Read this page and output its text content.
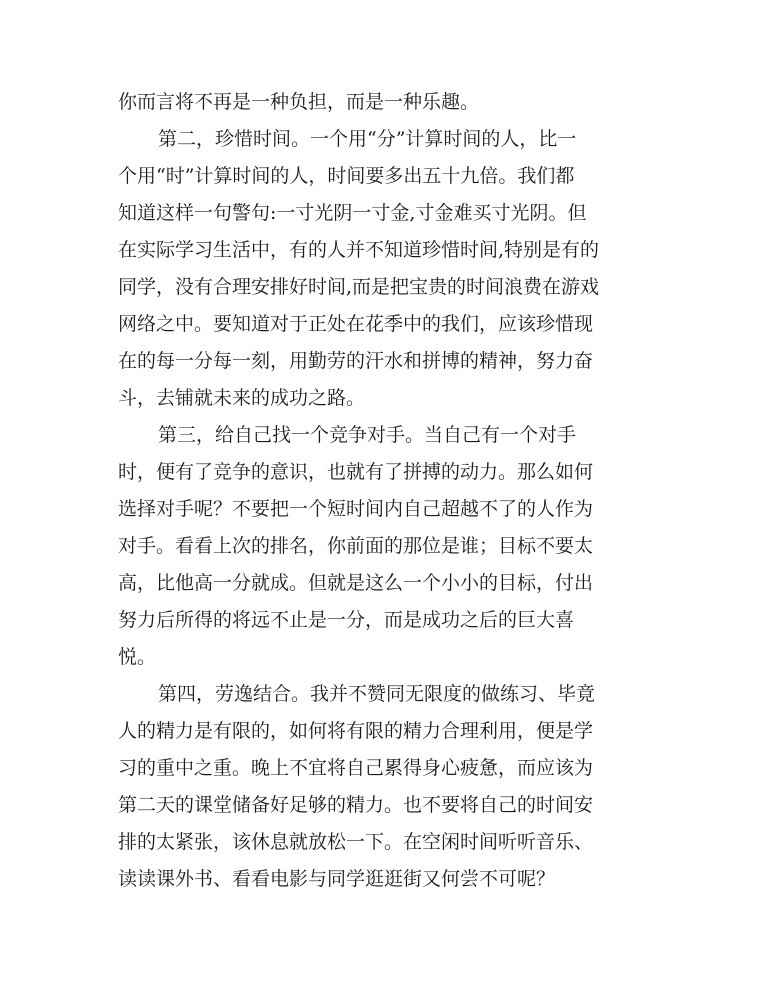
你而言将不再是一种负担，而是一种乐趣。
第二，珍惜时间。一个用“分”计算时间的人，比一
个用“时”计算时间的人，时间要多出五十九倍。我们都
知道这样一句警句:一寸光阴一寸金,寸金难买寸光阴。但
在实际学习生活中，有的人并不知道珍惜时间,特别是有的
同学，没有合理安排好时间,而是把宝贵的时间浪费在游戏
网络之中。要知道对于正处在花季中的我们，应该珍惜现
在的每一分每一刻，用勤劳的汗水和拼博的精神，努力奋
斗，去铺就未来的成功之路。
第三，给自己找一个竞争对手。当自己有一个对手
时，便有了竞争的意识，也就有了拼搏的动力。那么如何
选择对手呢？不要把一个短时间内自己超越不了的人作为
对手。看看上次的排名，你前面的那位是谁；目标不要太
高，比他高一分就成。但就是这么一个小小的目标，付出
努力后所得的将远不止是一分，而是成功之后的巨大喜
悦。
第四，劳逸结合。我并不赞同无限度的做练习、毕竟
人的精力是有限的，如何将有限的精力合理利用，便是学
习的重中之重。晚上不宜将自己累得身心疲惫，而应该为
第二天的课堂储备好足够的精力。也不要将自己的时间安
排的太紧张，该休息就放松一下。在空闲时间听听音乐、
读读课外书、看看电影与同学逛逛街又何尝不可呢？
